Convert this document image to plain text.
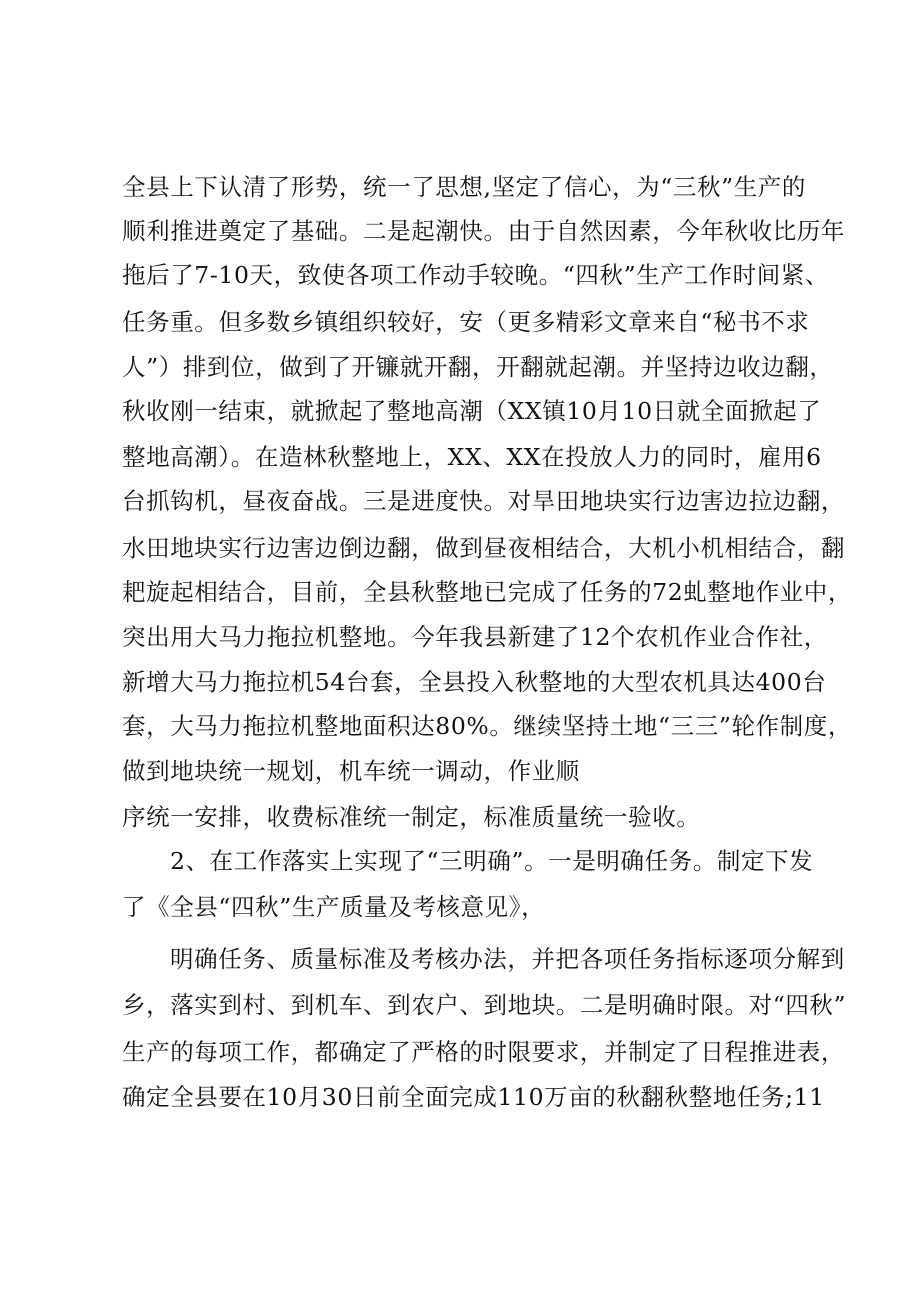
全县上下认清了形势，统一了思想,坚定了信心，为“三秋”生产的
顺利推进奠定了基础。二是起潮快。由于自然因素，今年秋收比历年
拖后了7-10天，致使各项工作动手较晚。“四秋”生产工作时间紧、
任务重。但多数乡镇组织较好，安（更多精彩文章来自“秘书不求
人”）排到位，做到了开镰就开翻，开翻就起潮。并坚持边收边翻，
秋收刚一结束，就掀起了整地高潮（XX镇10月10日就全面掀起了
整地高潮）。在造林秋整地上，XX、XX在投放人力的同时，雇用6
台抓钩机，昼夜奋战。三是进度快。对旱田地块实行边害边拉边翻，
水田地块实行边害边倒边翻，做到昼夜相结合，大机小机相结合，翻
耙旋起相结合，目前，全县秋整地已完成了任务的72虬整地作业中，
突出用大马力拖拉机整地。今年我县新建了12个农机作业合作社，
新增大马力拖拉机54台套，全县投入秋整地的大型农机具达400台
套，大马力拖拉机整地面积达80%。继续坚持土地“三三”轮作制度，
做到地块统一规划，机车统一调动，作业顺
序统一安排，收费标准统一制定，标准质量统一验收。
2、在工作落实上实现了“三明确”。一是明确任务。制定下发
了《全县“四秋”生产质量及考核意见》，
明确任务、质量标准及考核办法，并把各项任务指标逐项分解到
乡，落实到村、到机车、到农户、到地块。二是明确时限。对“四秋”
生产的每项工作，都确定了严格的时限要求，并制定了日程推进表，
确定全县要在10月30日前全面完成110万亩的秋翻秋整地任务;11
